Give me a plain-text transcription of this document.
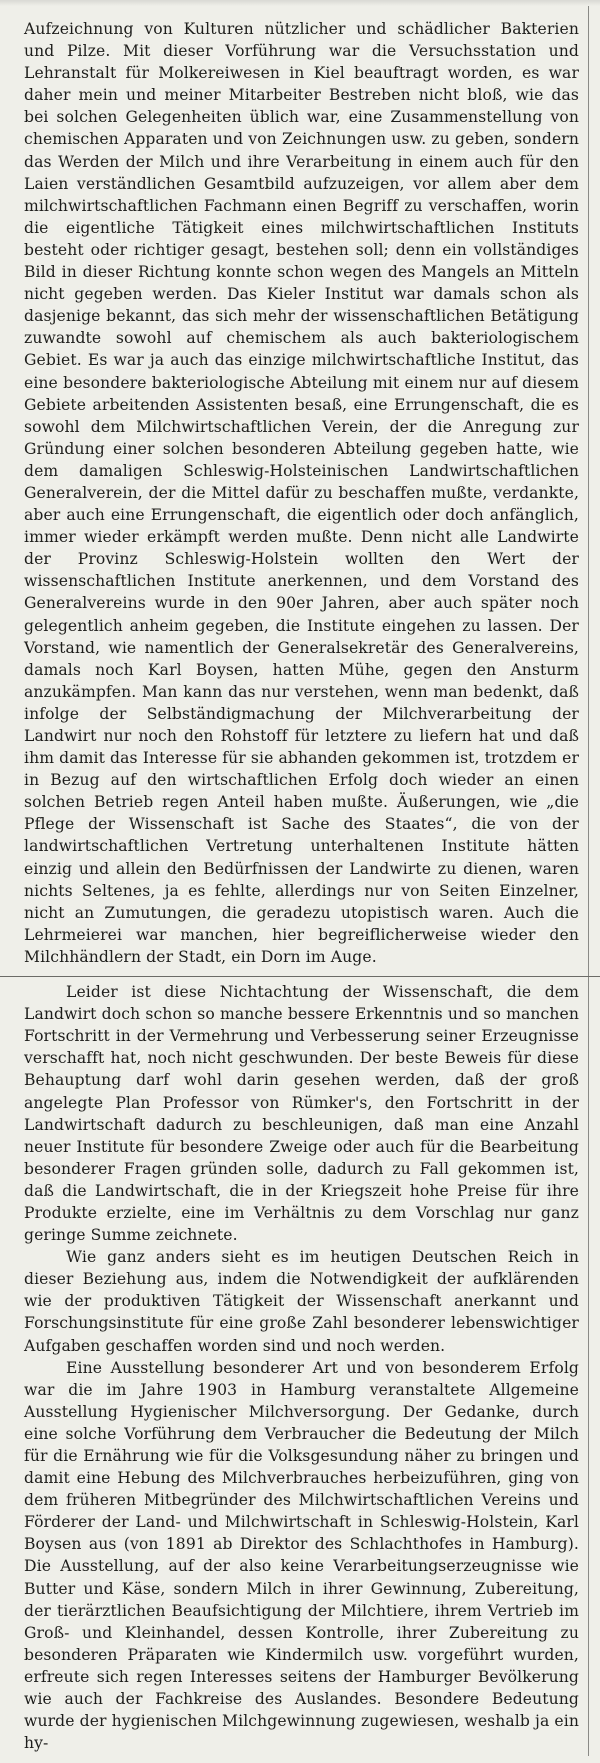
Aufzeichnung von Kulturen nützlicher und schädlicher Bakterien und Pilze. Mit dieser Vorführung war die Versuchsstation und Lehranstalt für Molkereiwesen in Kiel beauftragt worden, es war daher mein und meiner Mitarbeiter Bestreben nicht bloß, wie das bei solchen Gelegenheiten üblich war, eine Zusammenstellung von chemischen Apparaten und von Zeichnungen usw. zu geben, sondern das Werden der Milch und ihre Verarbeitung in einem auch für den Laien verständlichen Gesamtbild aufzuzeigen, vor allem aber dem milchwirtschaftlichen Fachmann einen Begriff zu verschaffen, worin die eigentliche Tätigkeit eines milchwirtschaftlichen Instituts besteht oder richtiger gesagt, bestehen soll; denn ein vollständiges Bild in dieser Richtung konnte schon wegen des Mangels an Mitteln nicht gegeben werden. Das Kieler Institut war damals schon als dasjenige bekannt, das sich mehr der wissenschaftlichen Betätigung zuwandte sowohl auf chemischem als auch bakteriologischem Gebiet. Es war ja auch das einzige milchwirtschaftliche Institut, das eine besondere bakteriologische Abteilung mit einem nur auf diesem Gebiete arbeitenden Assistenten besaß, eine Errungenschaft, die es sowohl dem Milchwirtschaftlichen Verein, der die Anregung zur Gründung einer solchen besonderen Abteilung gegeben hatte, wie dem damaligen Schleswig-Holsteinischen Landwirtschaftlichen Generalverein, der die Mittel dafür zu beschaffen mußte, verdankte, aber auch eine Errungenschaft, die eigentlich oder doch anfänglich, immer wieder erkämpft werden mußte. Denn nicht alle Landwirte der Provinz Schleswig-Holstein wollten den Wert der wissenschaftlichen Institute anerkennen, und dem Vorstand des Generalvereins wurde in den 90er Jahren, aber auch später noch gelegentlich anheim gegeben, die Institute eingehen zu lassen. Der Vorstand, wie namentlich der Generalsekretär des Generalvereins, damals noch Karl Boysen, hatten Mühe, gegen den Ansturm anzukämpfen. Man kann das nur verstehen, wenn man bedenkt, daß infolge der Selbständigmachung der Milchverarbeitung der Landwirt nur noch den Rohstoff für letztere zu liefern hat und daß ihm damit das Interesse für sie abhanden gekommen ist, trotzdem er in Bezug auf den wirtschaftlichen Erfolg doch wieder an einen solchen Betrieb regen Anteil haben mußte. Äußerungen, wie „die Pflege der Wissenschaft ist Sache des Staates“, die von der landwirtschaftlichen Vertretung unterhaltenen Institute hätten einzig und allein den Bedürfnissen der Landwirte zu dienen, waren nichts Seltenes, ja es fehlte, allerdings nur von Seiten Einzelner, nicht an Zumutungen, die geradezu utopistisch waren. Auch die Lehrmeierei war manchen, hier begreiflicherweise wieder den Milchhändlern der Stadt, ein Dorn im Auge.

Leider ist diese Nichtachtung der Wissenschaft, die dem Landwirt doch schon so manche bessere Erkenntnis und so manchen Fortschritt in der Vermehrung und Verbesserung seiner Erzeugnisse verschafft hat, noch nicht geschwunden. Der beste Beweis für diese Behauptung darf wohl darin gesehen werden, daß der groß angelegte Plan Professor von Rümker's, den Fortschritt in der Landwirtschaft dadurch zu beschleunigen, daß man eine Anzahl neuer Institute für besondere Zweige oder auch für die Bearbeitung besonderer Fragen gründen solle, dadurch zu Fall gekommen ist, daß die Landwirtschaft, die in der Kriegszeit hohe Preise für ihre Produkte erzielte, eine im Verhältnis zu dem Vorschlag nur ganz geringe Summe zeichnete.

Wie ganz anders sieht es im heutigen Deutschen Reich in dieser Beziehung aus, indem die Notwendigkeit der aufklärenden wie der produktiven Tätigkeit der Wissenschaft anerkannt und Forschungsinstitute für eine große Zahl besonderer lebenswichtiger Aufgaben geschaffen worden sind und noch werden.

Eine Ausstellung besonderer Art und von besonderem Erfolg war die im Jahre 1903 in Hamburg veranstaltete Allgemeine Ausstellung Hygienischer Milchversorgung. Der Gedanke, durch eine solche Vorführung dem Verbraucher die Bedeutung der Milch für die Ernährung wie für die Volksgesundung näher zu bringen und damit eine Hebung des Milchverbrauches herbeizuführen, ging von dem früheren Mitbegründer des Milchwirtschaftlichen Vereins und Förderer der Land- und Milchwirtschaft in Schleswig-Holstein, Karl Boysen aus (von 1891 ab Direktor des Schlachthofes in Hamburg). Die Ausstellung, auf der also keine Verarbeitungserzeugnisse wie Butter und Käse, sondern Milch in ihrer Gewinnung, Zubereitung, der tierärztlichen Beaufsichtigung der Milchtiere, ihrem Vertrieb im Groß- und Kleinhandel, dessen Kontrolle, ihrer Zubereitung zu besonderen Präparaten wie Kindermilch usw. vorgeführt wurden, erfreute sich regen Interesses seitens der Hamburger Bevölkerung wie auch der Fachkreise des Auslandes. Besondere Bedeutung wurde der hygienischen Milchgewinnung zugewiesen, weshalb ja ein hy-
